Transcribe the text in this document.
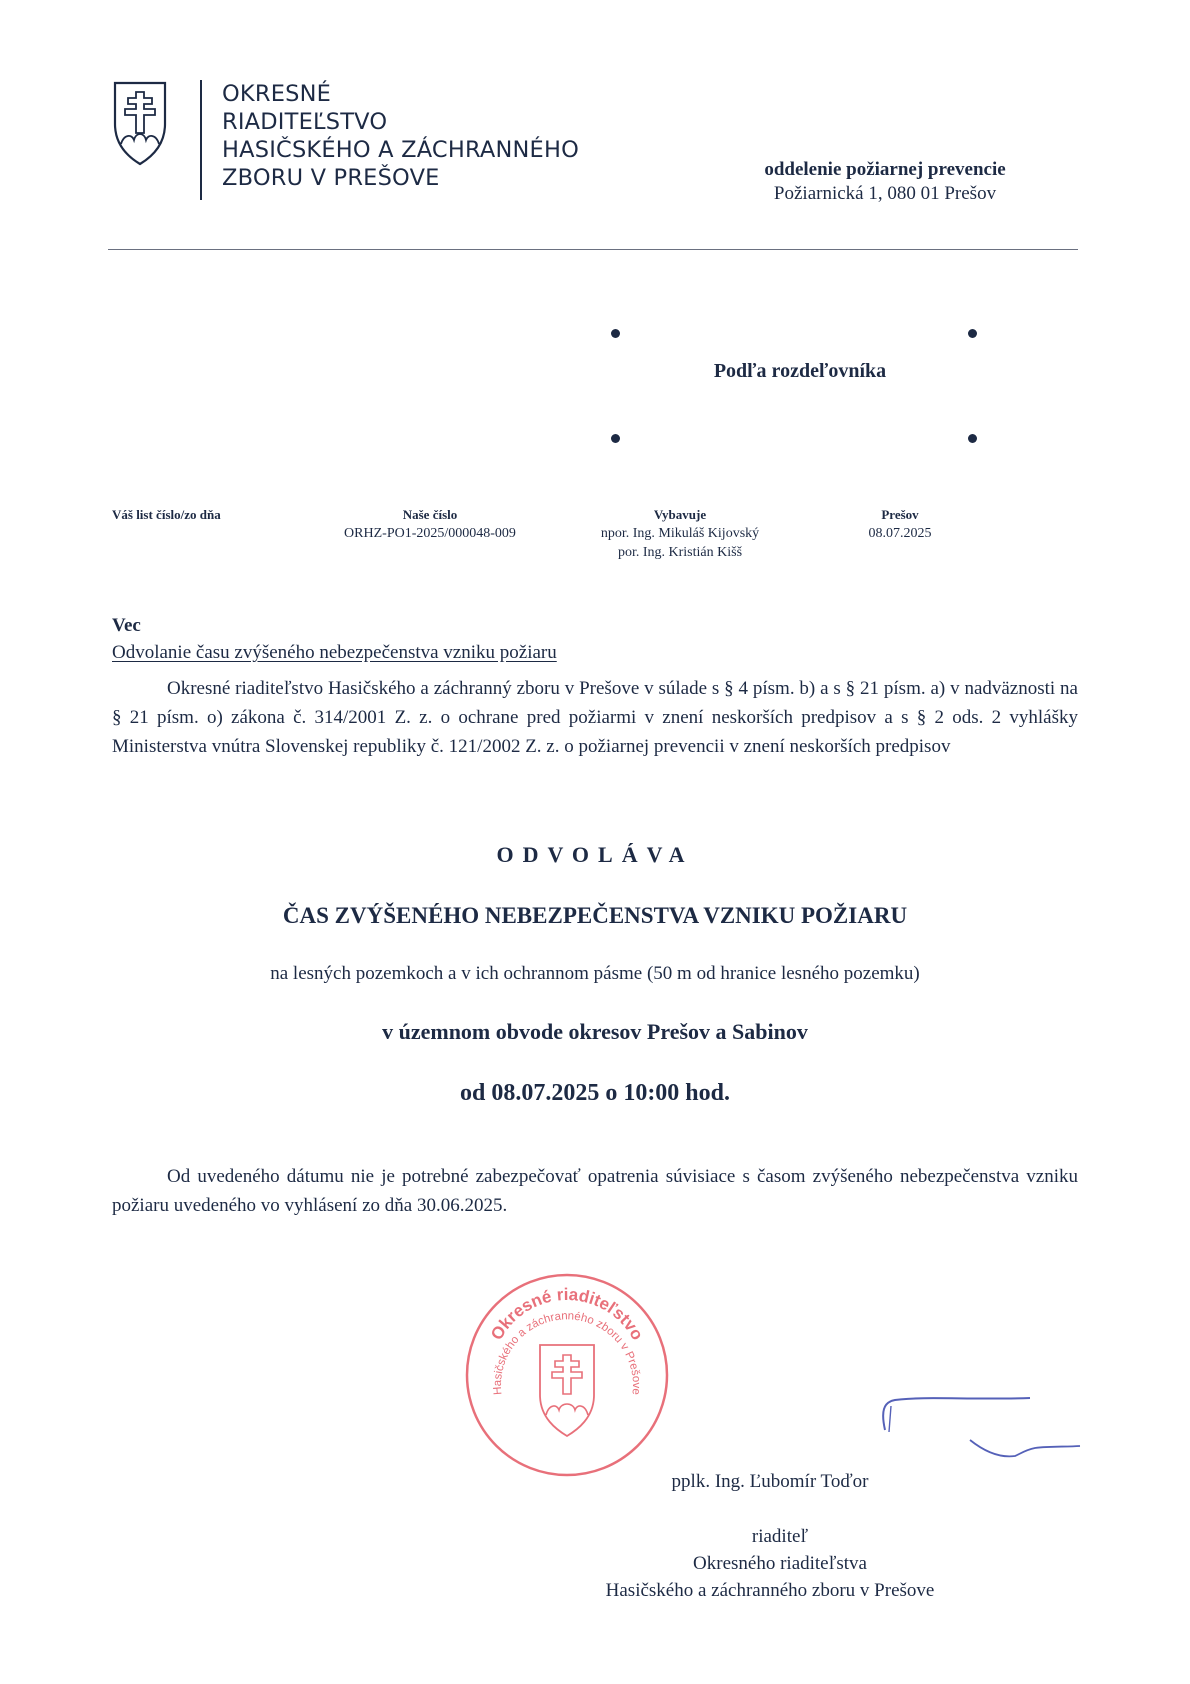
OKRESNÉ
RIADITEĽSTVO
HASIČSKÉHO A ZÁCHRANNÉHO
ZBORU V PREŠOVE	oddelenie požiarnej prevencie
Požiarnická 1, 080 01 Prešov
Podľa rozdeľovníka
Váš list číslo/zo dňa	Naše číslo
ORHZ-PO1-2025/000048-009
Vybavuje
npor. Ing. Mikuláš Kijovský
por. Ing. Kristián Kišš
Prešov
08.07.2025
Vec
Odvolanie času zvýšeného nebezpečenstva vzniku požiaru
Okresné riaditeľstvo Hasičského a záchranný zboru v Prešove v súlade s § 4 písm. b) a s § 21 písm. a) v nadväznosti na § 21 písm. o) zákona č. 314/2001 Z. z. o ochrane pred požiarmi v znení neskorších predpisov a s § 2 ods. 2 vyhlášky Ministerstva vnútra Slovenskej republiky č. 121/2002 Z. z. o požiarnej prevencii v znení neskorších predpisov
ODVOLÁVA
ČAS ZVÝŠENÉHO NEBEZPEČENSTVA VZNIKU POŽIARU
na lesných pozemkoch a v ich ochrannom pásme (50 m od hranice lesného pozemku)
v územnom obvode okresov Prešov a Sabinov
od 08.07.2025 o 10:00 hod.
Od uvedeného dátumu nie je potrebné zabezpečovať opatrenia súvisiace s časom zvýšeného nebezpečenstva vzniku požiaru uvedeného vo vyhlásení zo dňa 30.06.2025.
Okresné riaditeľstvo
Hasičského a záchranného zboru v Prešove
pplk. Ing. Ľubomír Toďor
riaditeľ
Okresného riaditeľstva
Hasičského a záchranného zboru v Prešove
